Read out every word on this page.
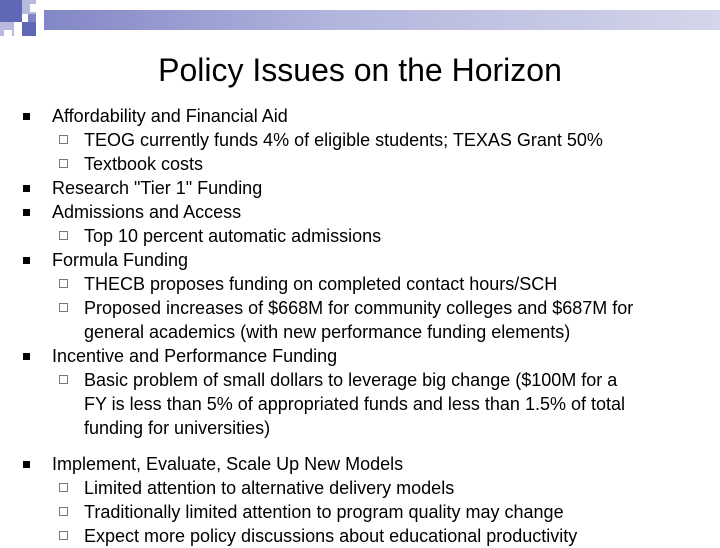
Policy Issues on the Horizon
Affordability and Financial Aid
TEOG currently funds 4% of eligible students; TEXAS Grant 50%
Textbook costs
Research "Tier 1" Funding
Admissions and Access
Top 10 percent automatic admissions
Formula Funding
THECB proposes funding on completed contact hours/SCH
Proposed increases of $668M for community colleges and $687M for
general academics (with new performance funding elements)
Incentive and Performance Funding
Basic problem of small dollars to leverage big change ($100M for a
FY is less than 5% of appropriated funds and less than 1.5% of total
funding for universities)
Implement, Evaluate, Scale Up New Models
Limited attention to alternative delivery models
Traditionally limited attention to program quality may change
Expect more policy discussions about educational productivity
